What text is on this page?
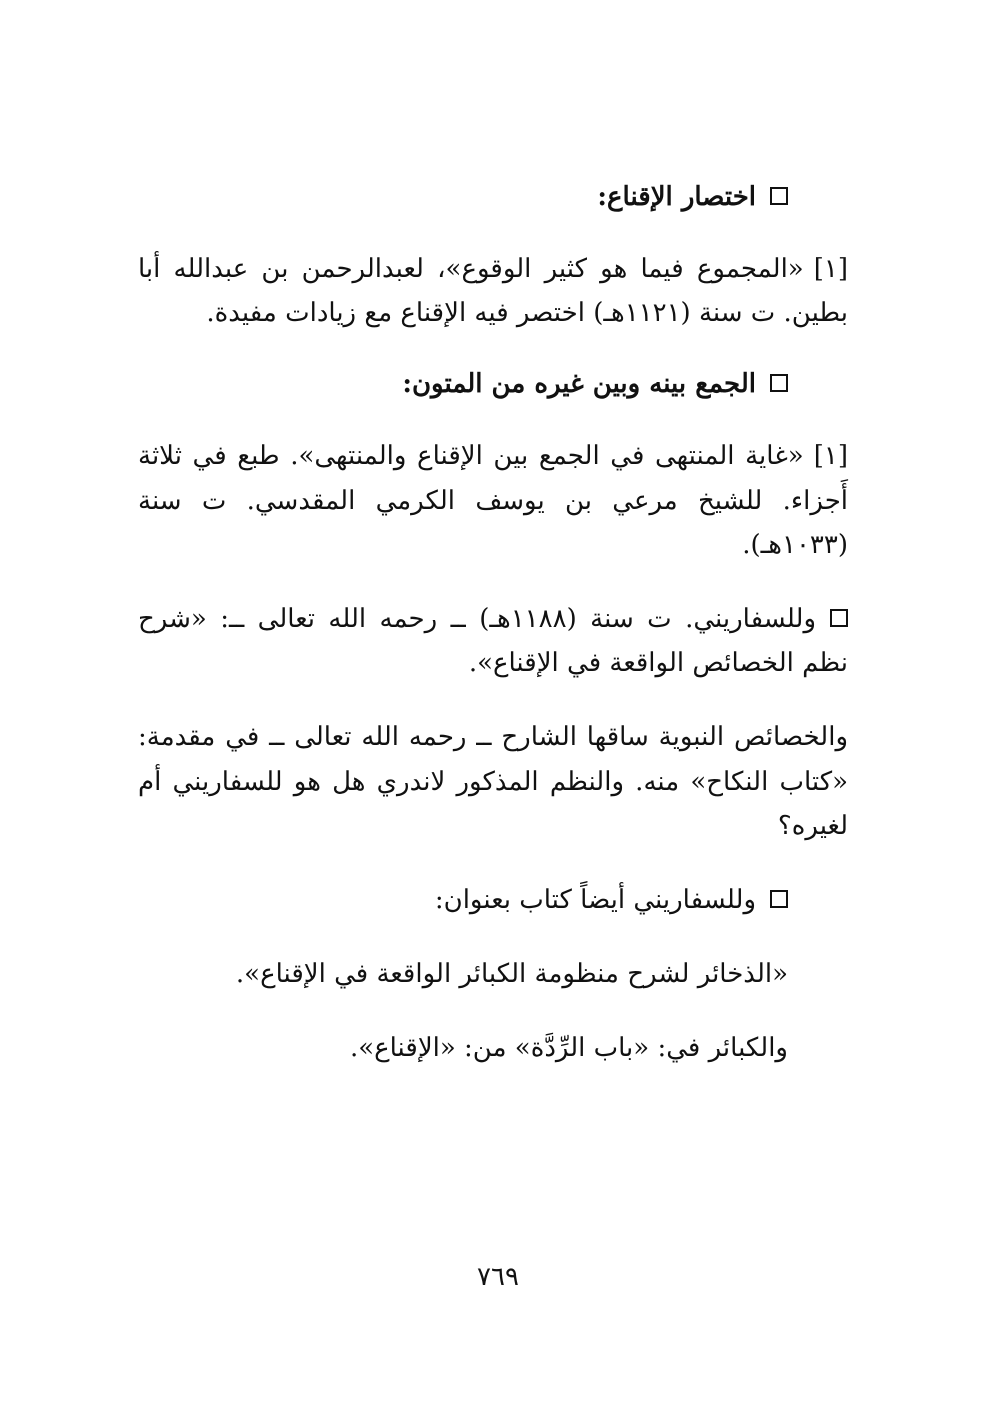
اختصار الإقناع:
[١]«المجموع فيما هو كثير الوقوع»، لعبدالرحمن بن عبدالله أبا بطين. ت سنة (١١٢١هـ) اختصر فيه الإقناع مع زيادات مفيدة.
الجمع بينه وبين غيره من المتون:
[١]«غاية المنتهى في الجمع بين الإقناع والمنتهى». طبع في ثلاثة أَجزاء. للشيخ مرعي بن يوسف الكرمي المقدسي. ت سنة (١٠٣٣هـ).
وللسفاريني. ت سنة (١١٨٨هـ) ــ رحمه الله تعالى ــ: «شرح نظم الخصائص الواقعة في الإقناع».
والخصائص النبوية ساقها الشارح ــ رحمه الله تعالى ــ في مقدمة: «كتاب النكاح» منه. والنظم المذكور لاندري هل هو للسفاريني أم لغيره؟
وللسفاريني أيضاً كتاب بعنوان:
«الذخائر لشرح منظومة الكبائر الواقعة في الإقناع».
والكبائر في: «باب الرِّدَّة» من: «الإقناع».
٧٦٩
